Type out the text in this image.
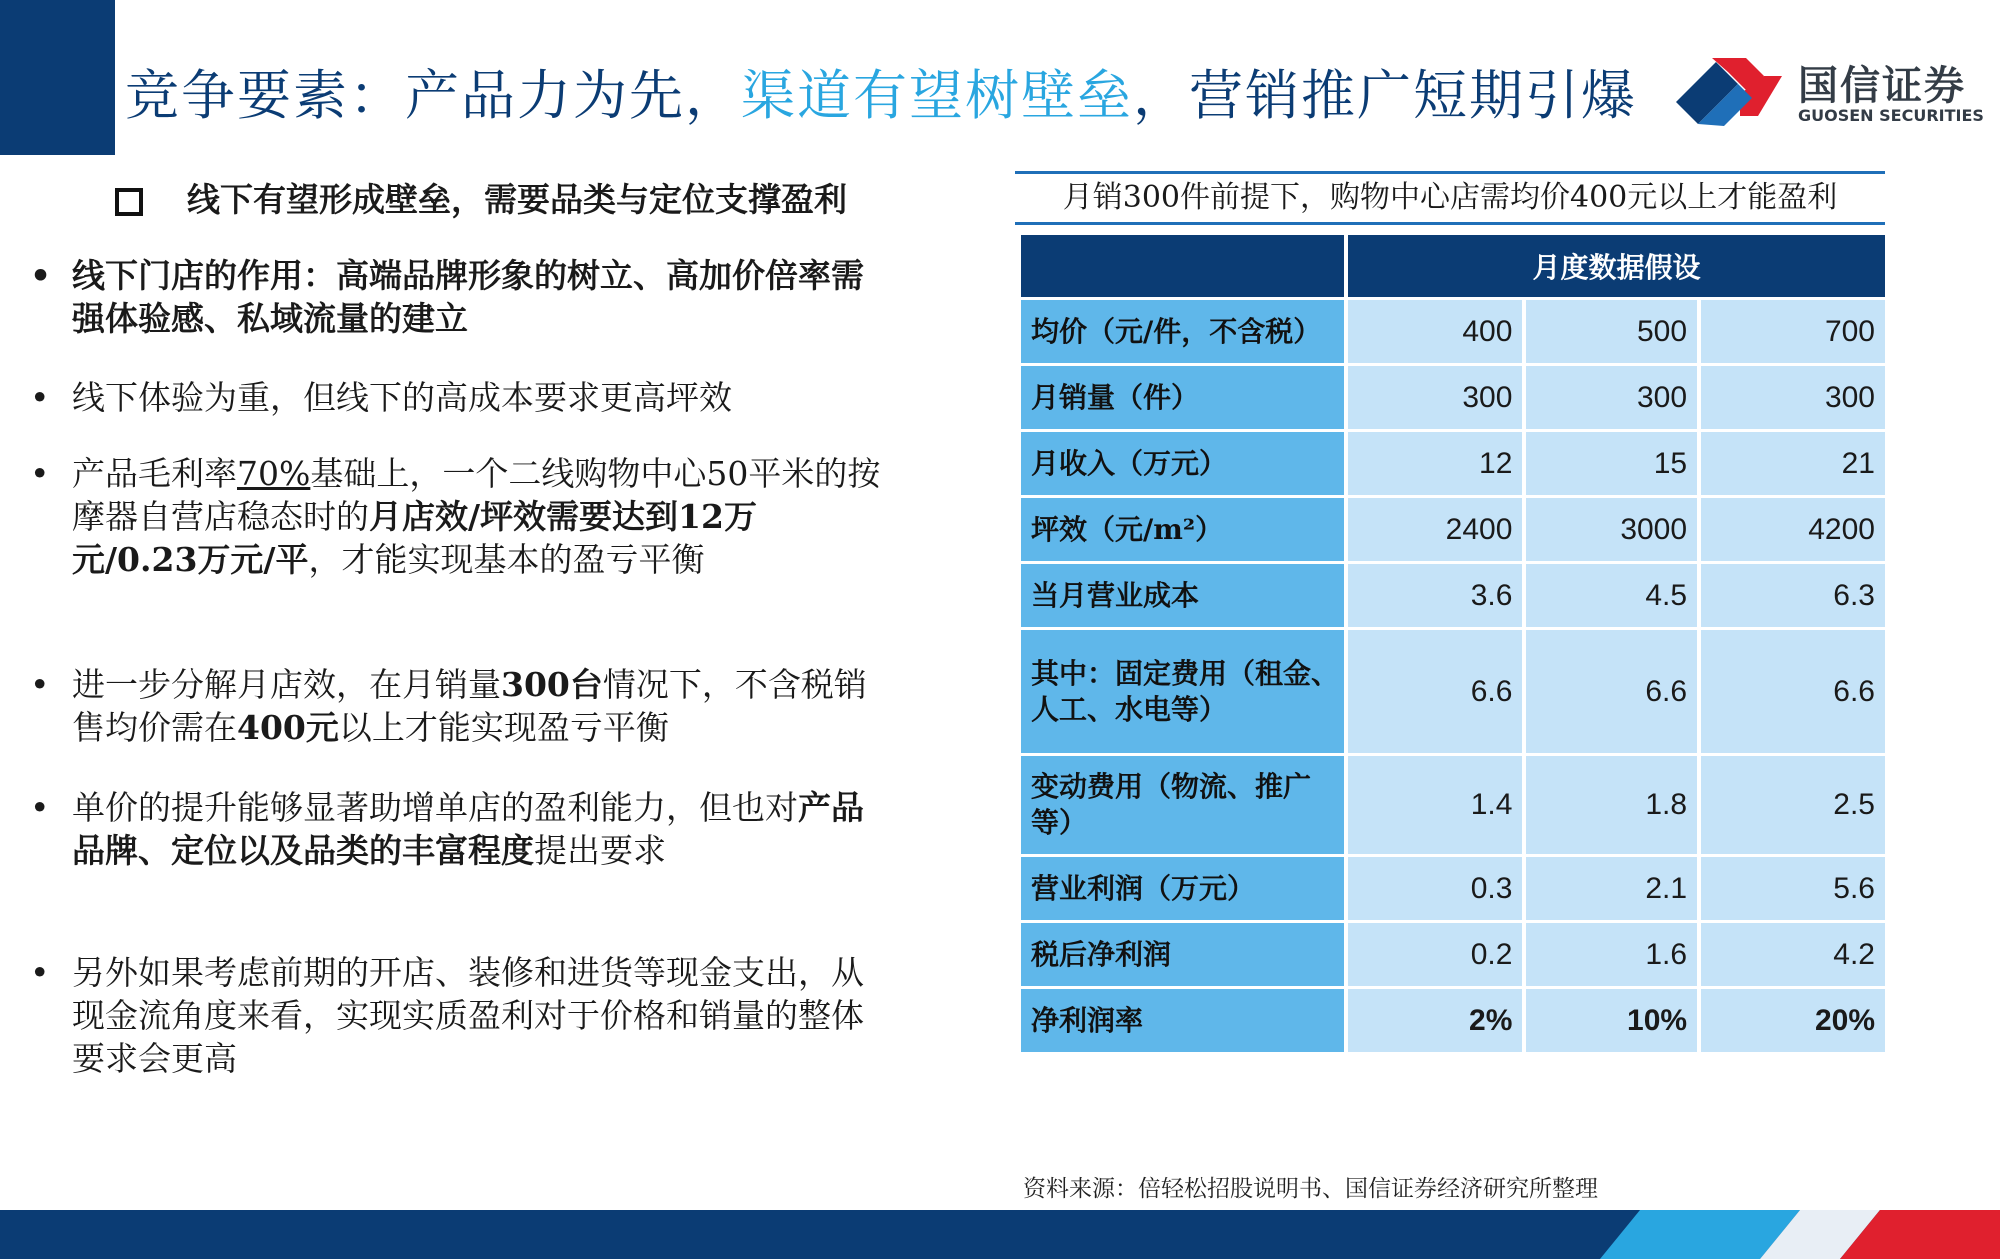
竞争要素：产品力为先，渠道有望树壁垒，营销推广短期引爆	国信证券
GUOSEN SECURITIES
线下有望形成壁垒，需要品类与定位支撑盈利
• 线下门店的作用：高端品牌形象的树立、高加价倍率需强体验感、私域流量的建立
• 线下体验为重，但线下的高成本要求更高坪效
• 产品毛利率70%基础上，一个二线购物中心50平米的按摩器自营店稳态时的月店效/坪效需要达到12万元/0.23万元/平，才能实现基本的盈亏平衡
• 进一步分解月店效，在月销量300台情况下，不含税销售均价需在400元以上才能实现盈亏平衡
• 单价的提升能够显著助增单店的盈利能力，但也对产品品牌、定位以及品类的丰富程度提出要求
• 另外如果考虑前期的开店、装修和进货等现金支出，从现金流角度来看，实现实质盈利对于价格和销量的整体要求会更高
月销300件前提下，购物中心店需均价400元以上才能盈利
	月度数据假设		
均价（元/件，不含税）	400	500	700
月销量（件）	300	300	300
月收入（万元）	12	15	21
坪效（元/m²）	2400	3000	4200
当月营业成本	3.6	4.5	6.3
其中：固定费用（租金、人工、水电等）	6.6	6.6	6.6
变动费用（物流、推广等）	1.4	1.8	2.5
营业利润（万元）	0.3	2.1	5.6
税后净利润	0.2	1.6	4.2
净利润率	2%	10%	20%
资料来源：倍轻松招股说明书、国信证券经济研究所整理
